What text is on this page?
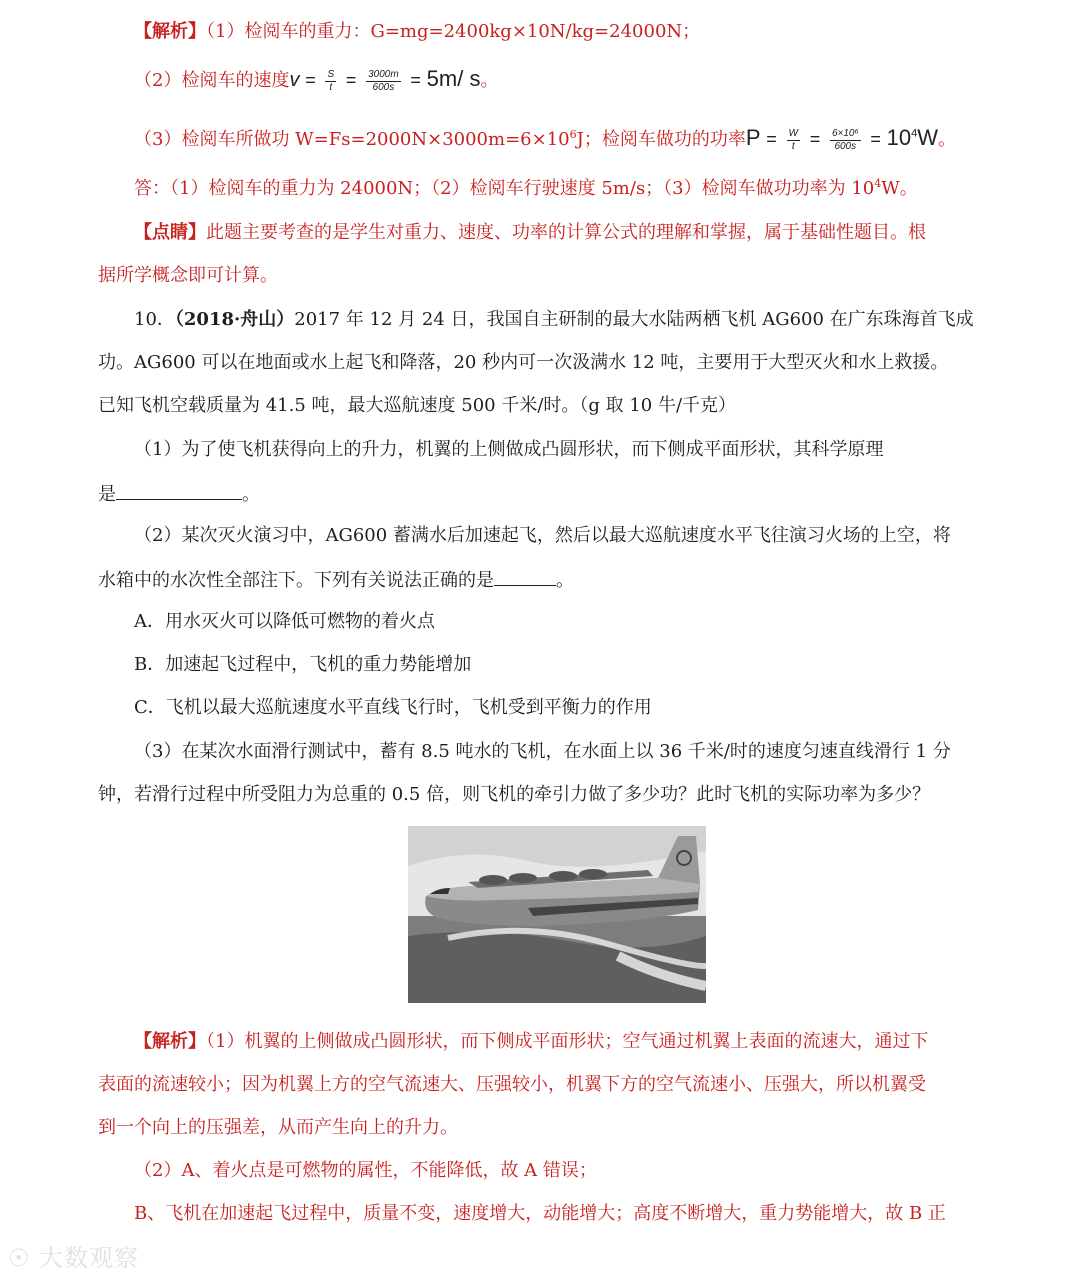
【解析】（1）检阅车的重力：G=mg=2400kg×10N/kg=24000N；
（2）检阅车的速度$v = \frac{S}{t} = \frac{3000m}{600s} = 5m/$ s。
（3）检阅车所做功 $W=Fs=2000N\times 3000m=6\times 10^6J$；检阅车做功的功率$P = \frac{W}{t} = \frac{\text{6×10⁶}}{600s} = 10^4W$。
答：（1）检阅车的重力为 24000N；（2）检阅车行驶速度 5m/s；（3）检阅车做功功率为 $10^4W$。
【点睛】此题主要考查的是学生对重力、速度、功率的计算公式的理解和掌握，属于基础性题目。根
据所学概念即可计算。
10．（2018·舟山）2017 年 12 月 24 日，我国自主研制的最大水陆两栖飞机 AG600 在广东珠海首飞成
功。AG600 可以在地面或水上起飞和降落，20 秒内可一次汲满水 12 吨，主要用于大型灭火和水上救援。
已知飞机空载质量为 41.5 吨，最大巡航速度 500 千米/时。（g 取 10 牛/千克）
（1）为了使飞机获得向上的升力，机翼的上侧做成凸圆形状，而下侧成平面形状，其科学原理
是	。
（2）某次灭火演习中，AG600 蓄满水后加速起飞，然后以最大巡航速度水平飞往演习火场的上空，将
水箱中的水次性全部注下。下列有关说法正确的是	。
A．用水灭火可以降低可燃物的着火点
B．加速起飞过程中，飞机的重力势能增加
C．飞机以最大巡航速度水平直线飞行时，飞机受到平衡力的作用
（3）在某次水面滑行测试中，蓄有 8.5 吨水的飞机，在水面上以 36 千米/时的速度匀速直线滑行 1 分
钟，若滑行过程中所受阻力为总重的 0.5 倍，则飞机的牵引力做了多少功？此时飞机的实际功率为多少？
【解析】（1）机翼的上侧做成凸圆形状，而下侧成平面形状；空气通过机翼上表面的流速大，通过下
表面的流速较小；因为机翼上方的空气流速大、压强较小，机翼下方的空气流速小、压强大，所以机翼受
到一个向上的压强差，从而产生向上的升力。
（2）A、着火点是可燃物的属性，不能降低，故 A 错误；
B、飞机在加速起飞过程中，质量不变，速度增大，动能增大；高度不断增大，重力势能增大，故 B 正
☉ 大数观察
